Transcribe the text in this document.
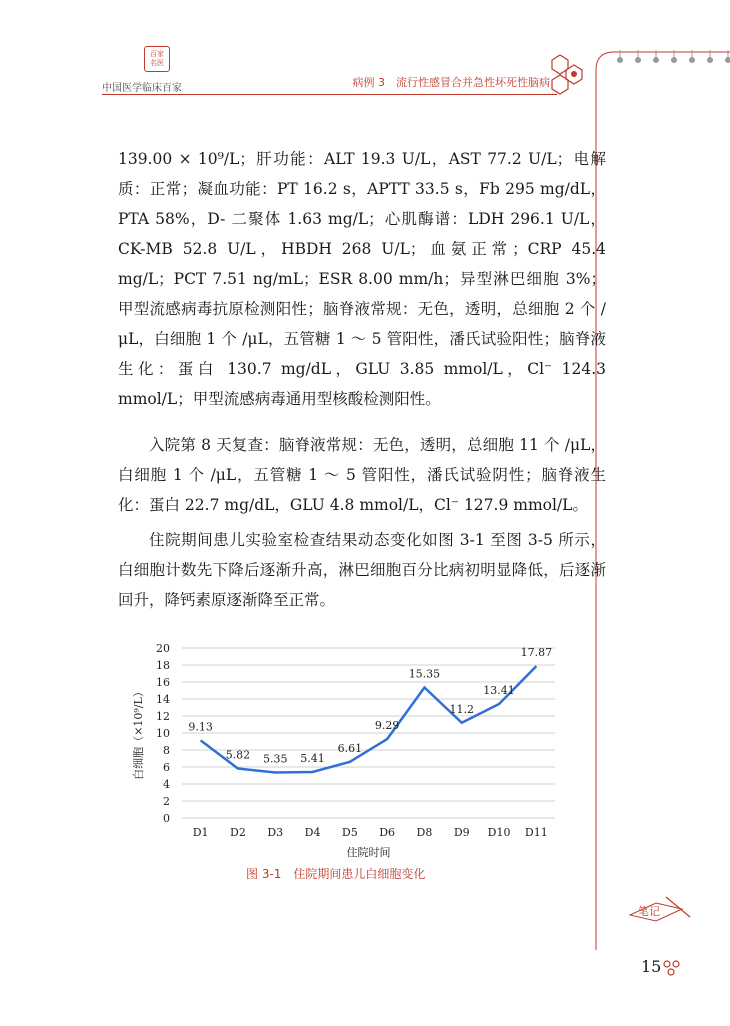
百家
名医
中国医学临床百家	病例 3　流行性感冒合并急性坏死性脑病
139.00 × 10⁹/L；肝功能：ALT 19.3 U/L，AST 77.2 U/L；电解质：正常；凝血功能：PT 16.2 s，APTT 33.5 s，Fb 295 mg/dL，PTA 58%，D- 二聚体 1.63 mg/L；心肌酶谱：LDH 296.1 U/L，CK-MB 52.8 U/L，HBDH 268 U/L；血氨正常；CRP 45.4 mg/L；PCT 7.51 ng/mL；ESR 8.00 mm/h；异型淋巴细胞 3%；甲型流感病毒抗原检测阳性；脑脊液常规：无色，透明，总细胞 2 个 /μL，白细胞 1 个 /μL，五管糖 1 ～ 5 管阳性，潘氏试验阳性；脑脊液生化：蛋白 130.7 mg/dL，GLU 3.85 mmol/L，Cl⁻ 124.3 mmol/L；甲型流感病毒通用型核酸检测阳性。
入院第 8 天复查：脑脊液常规：无色，透明，总细胞 11 个 /μL，白细胞 1 个 /μL，五管糖 1 ～ 5 管阳性，潘氏试验阴性；脑脊液生化：蛋白 22.7 mg/dL，GLU 4.8 mmol/L，Cl⁻ 127.9 mmol/L。
住院期间患儿实验室检查结果动态变化如图 3-1 至图 3-5 所示，白细胞计数先下降后逐渐升高，淋巴细胞百分比病初明显降低，后逐渐回升，降钙素原逐渐降至正常。
0
2
4
6
8
10
12
14
16
18
20
D1 D2 D3 D4 D5 D6 D8 D9 D10 D11
9.13
5.82 5.35 5.41
6.61
9.29
15.35
11.2
13.41
17.87
住院时间
白细胞（×10⁹/L）
图 3-1　住院期间患儿白细胞变化
笔记
15
